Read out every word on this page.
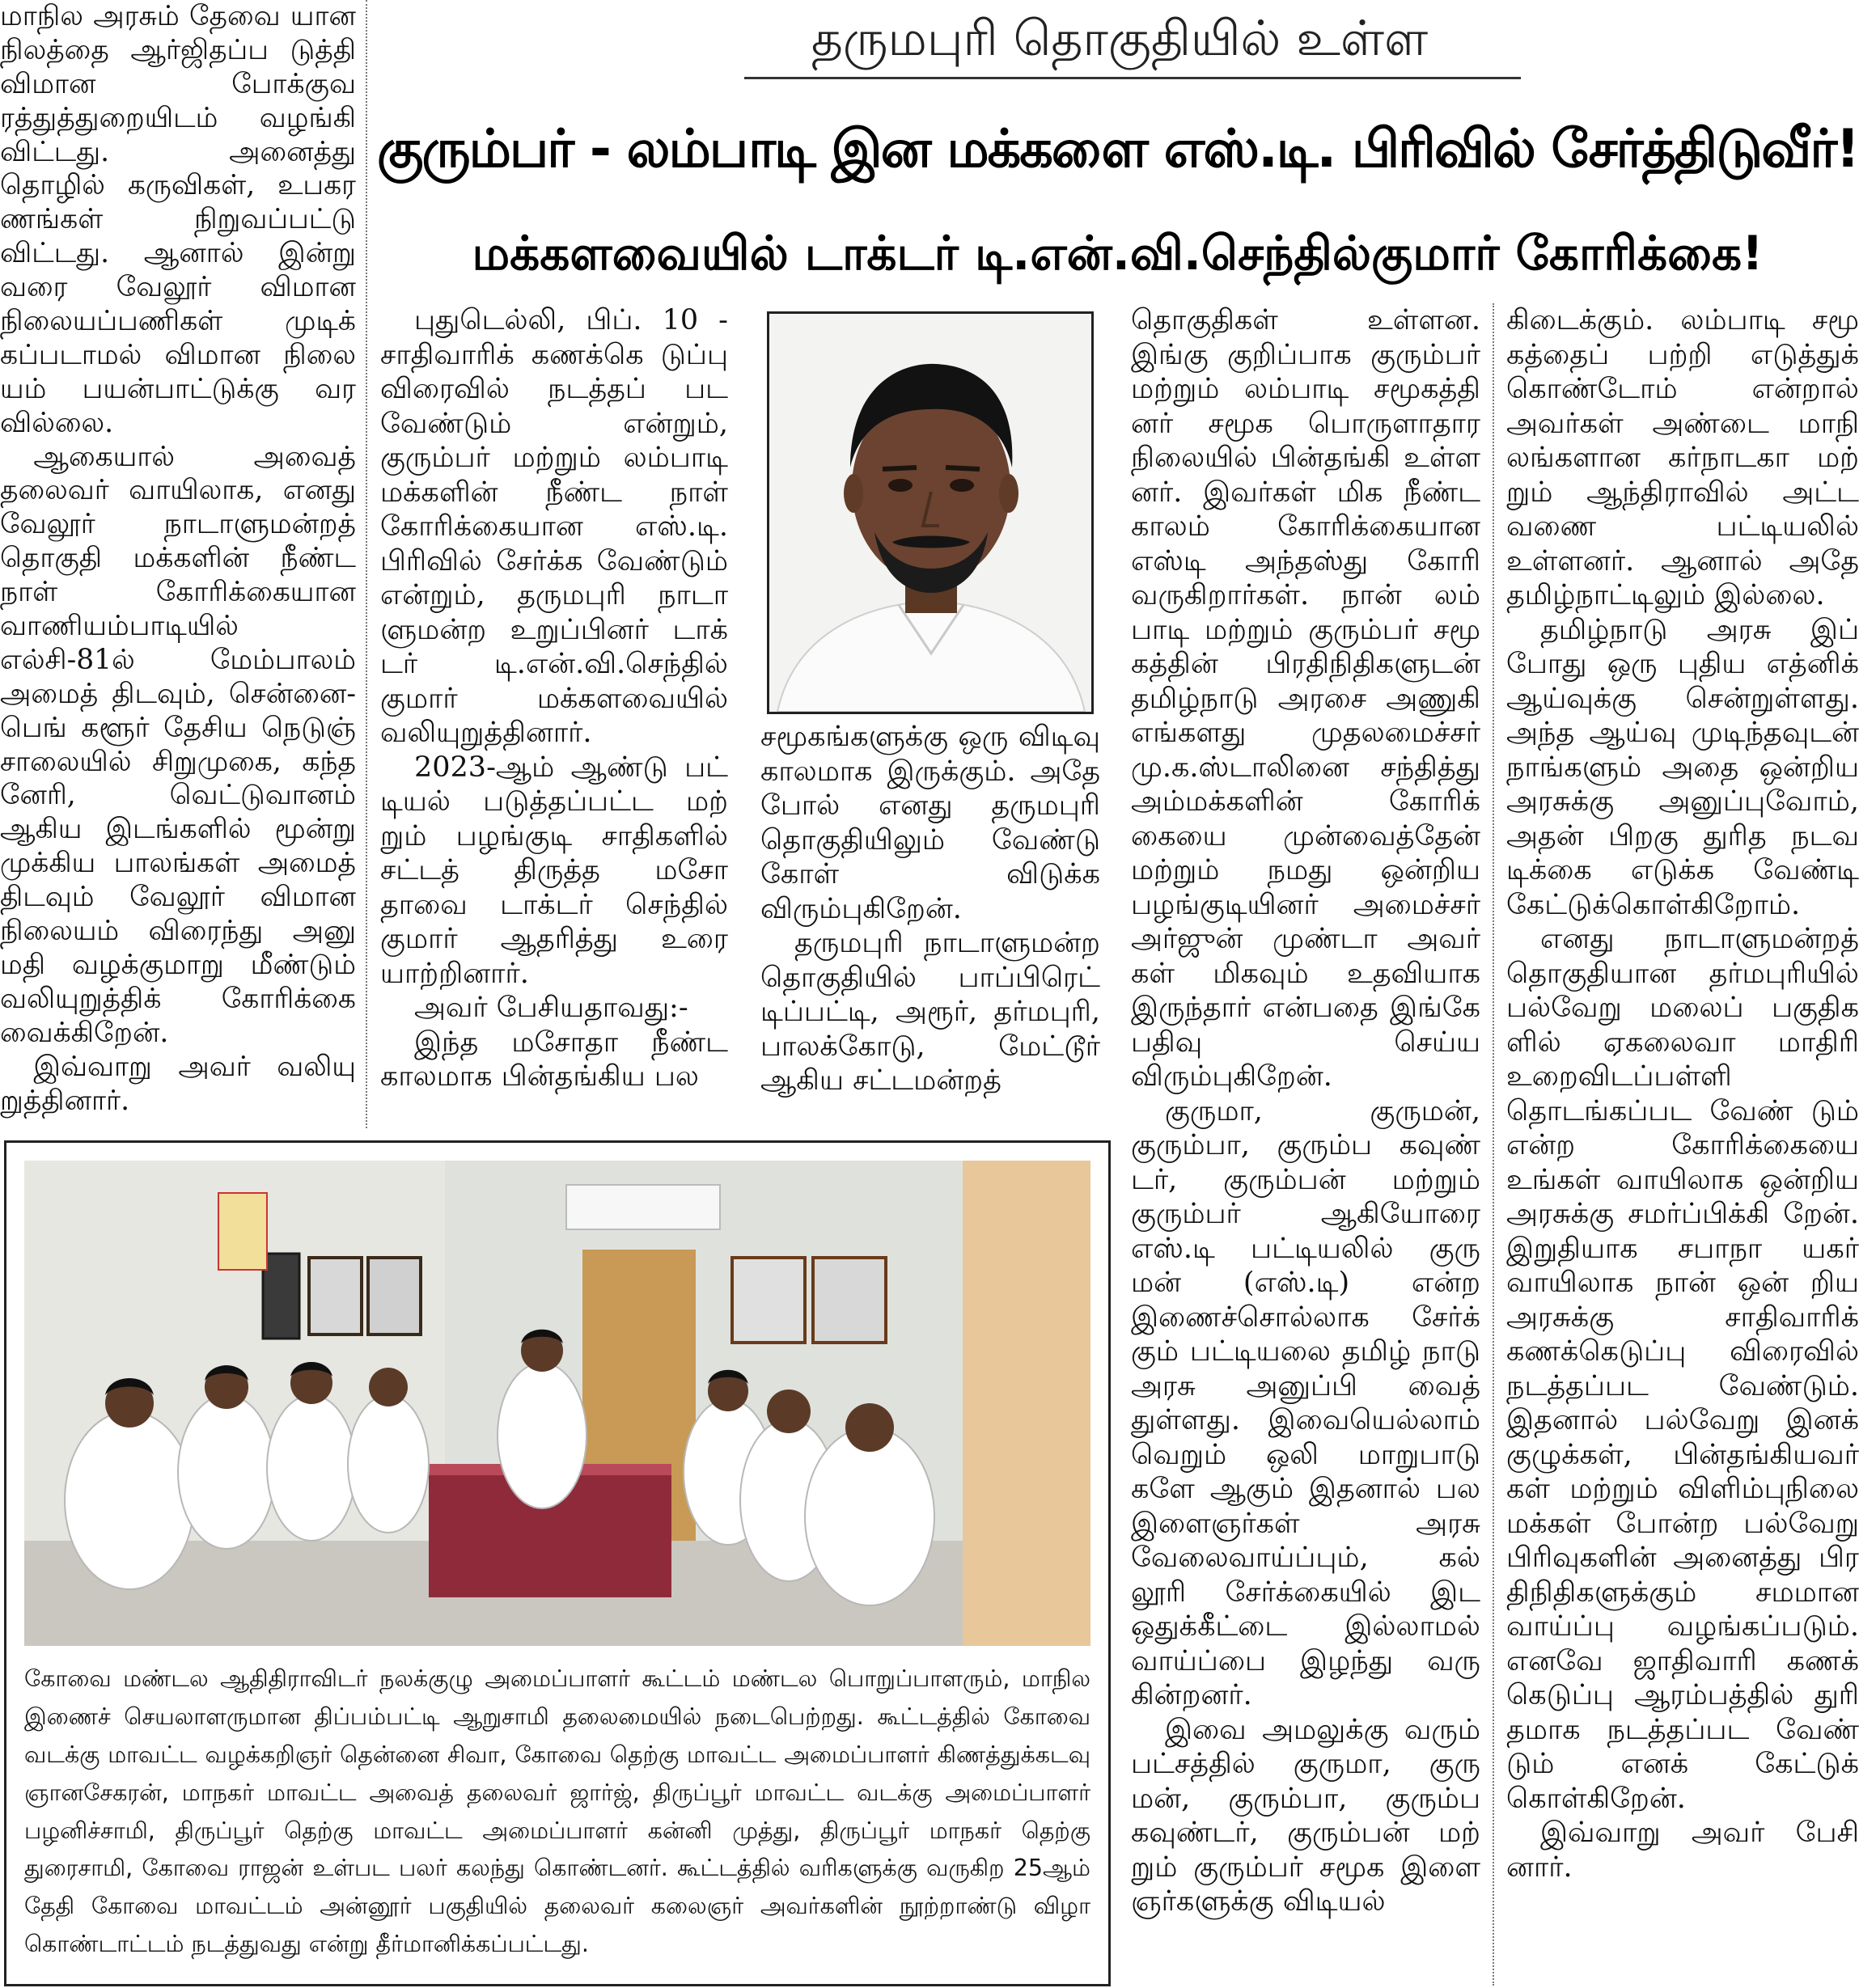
மாநில அரசும் தேவை யான நிலத்தை ஆர்ஜிதப்ப டுத்தி விமான போக்குவ ரத்துத்துறையிடம் வழங்கி விட்டது. அனைத்து தொழில் கருவிகள், உபகர ணங்கள் நிறுவப்பட்டு விட்டது. ஆனால் இன்று வரை வேலூர் விமான நிலையப்பணிகள் முடிக் கப்படாமல் விமான நிலை யம் பயன்பாட்டுக்கு வர வில்லை.

ஆகையால் அவைத் தலைவர் வாயிலாக, எனது வேலூர் நாடாளுமன்றத் தொகுதி மக்களின் நீண்ட நாள் கோரிக்கையான வாணியம்பாடியில் எல்சி-81ல் மேம்பாலம் அமைத் திடவும், சென்னை-பெங் களூர் தேசிய நெடுஞ் சாலையில் சிறுமுகை, கந்த னேரி, வெட்டுவானம் ஆகிய இடங்களில் மூன்று முக்கிய பாலங்கள் அமைத் திடவும் வேலூர் விமான நிலையம் விரைந்து அனு மதி வழக்குமாறு மீண்டும் வலியுறுத்திக் கோரிக்கை வைக்கிறேன்.

இவ்வாறு அவர் வலியு றுத்தினார்.

தருமபுரி தொகுதியில் உள்ள
குரும்பர் - லம்பாடி இன மக்களை எஸ்.டி. பிரிவில் சேர்த்திடுவீர்!
மக்களவையில் டாக்டர் டி.என்.வி.செந்தில்குமார் கோரிக்கை!

புதுடெல்லி, பிப். 10 - சாதிவாரிக் கணக்கெ டுப்பு விரைவில் நடத்தப் பட வேண்டும் என்றும், குரும்பர் மற்றும் லம்பாடி மக்களின் நீண்ட நாள் கோரிக்கையான எஸ்.டி. பிரிவில் சேர்க்க வேண்டும் என்றும், தருமபுரி நாடா ளுமன்ற உறுப்பினர் டாக் டர் டி.என்.வி.செந்தில் குமார் மக்களவையில் வலியுறுத்தினார்.

2023-ஆம் ஆண்டு பட் டியல் படுத்தப்பட்ட மற் றும் பழங்குடி சாதிகளில் சட்டத் திருத்த மசோ தாவை டாக்டர் செந்தில் குமார் ஆதரித்து உரை யாற்றினார்.

அவர் பேசியதாவது:-

இந்த மசோதா நீண்ட காலமாக பின்தங்கிய பல

சமூகங்களுக்கு ஒரு விடிவு காலமாக இருக்கும். அதே போல் எனது தருமபுரி தொகுதியிலும் வேண்டு கோள் விடுக்க விரும்புகிறேன்.

தருமபுரி நாடாளுமன்ற தொகுதியில் பாப்பிரெட் டிப்பட்டி, அரூர், தர்மபுரி, பாலக்கோடு, மேட்டூர் ஆகிய சட்டமன்றத்

தொகுதிகள் உள்ளன. இங்கு குறிப்பாக குரும்பர் மற்றும் லம்பாடி சமூகத்தி னர் சமூக பொருளாதார நிலையில் பின்தங்கி உள்ள னர். இவர்கள் மிக நீண்ட காலம் கோரிக்கையான எஸ்டி அந்தஸ்து கோரி வருகிறார்கள். நான் லம் பாடி மற்றும் குரும்பர் சமூ கத்தின் பிரதிநிதிகளுடன் தமிழ்நாடு அரசை அணுகி எங்களது முதலமைச்சர் மு.க.ஸ்டாலினை சந்தித்து அம்மக்களின் கோரிக் கையை முன்வைத்தேன் மற்றும் நமது ஒன்றிய பழங்குடியினர் அமைச்சர் அர்ஜுன் முண்டா அவர் கள் மிகவும் உதவியாக இருந்தார் என்பதை இங்கே பதிவு செய்ய விரும்புகிறேன்.

குருமா, குருமன், குரும்பா, குரும்ப கவுண் டர், குரும்பன் மற்றும் குரும்பர் ஆகியோரை எஸ்.டி பட்டியலில் குரு மன் (எஸ்.டி) என்ற இணைச்சொல்லாக சேர்க் கும் பட்டியலை தமிழ் நாடு அரசு அனுப்பி வைத் துள்ளது. இவையெல்லாம் வெறும் ஒலி மாறுபாடு களே ஆகும் இதனால் பல இளைஞர்கள் அரசு வேலைவாய்ப்பும், கல் லூரி சேர்க்கையில் இட ஒதுக்கீட்டை இல்லாமல் வாய்ப்பை இழந்து வரு கின்றனர்.

இவை அமலுக்கு வரும் பட்சத்தில் குருமா, குரு மன், குரும்பா, குரும்ப கவுண்டர், குரும்பன் மற் றும் குரும்பர் சமூக இளை ஞர்களுக்கு விடியல்

கிடைக்கும். லம்பாடி சமூ கத்தைப் பற்றி எடுத்துக் கொண்டோம் என்றால் அவர்கள் அண்டை மாநி லங்களான கர்நாடகா மற் றும் ஆந்திராவில் அட்ட வணை பட்டியலில் உள்ளனர். ஆனால் அதே தமிழ்நாட்டிலும் இல்லை.

தமிழ்நாடு அரசு இப் போது ஒரு புதிய எத்னிக் ஆய்வுக்கு சென்றுள்ளது. அந்த ஆய்வு முடிந்தவுடன் நாங்களும் அதை ஒன்றிய அரசுக்கு அனுப்புவோம், அதன் பிறகு துரித நடவ டிக்கை எடுக்க வேண்டி கேட்டுக்கொள்கிறோம்.

எனது நாடாளுமன்றத் தொகுதியான தர்மபுரியில் பல்வேறு மலைப் பகுதிக ளில் ஏகலைவா மாதிரி உறைவிடப்பள்ளி தொடங்கப்பட வேண் டும் என்ற கோரிக்கையை உங்கள் வாயிலாக ஒன்றிய அரசுக்கு சமர்ப்பிக்கி றேன். இறுதியாக சபாநா யகர் வாயிலாக நான் ஒன் றிய அரசுக்கு சாதிவாரிக் கணக்கெடுப்பு விரைவில் நடத்தப்பட வேண்டும். இதனால் பல்வேறு இனக் குழுக்கள், பின்தங்கியவர் கள் மற்றும் விளிம்புநிலை மக்கள் போன்ற பல்வேறு பிரிவுகளின் அனைத்து பிர திநிதிகளுக்கும் சமமான வாய்ப்பு வழங்கப்படும். எனவே ஜாதிவாரி கணக் கெடுப்பு ஆரம்பத்தில் துரி தமாக நடத்தப்பட வேண் டும் எனக் கேட்டுக் கொள்கிறேன்.

இவ்வாறு அவர் பேசி னார்.

கோவை மண்டல ஆதிதிராவிடர் நலக்குழு அமைப்பாளர் கூட்டம் மண்டல பொறுப்பாளரும், மாநில இணைச் செயலாளருமான திப்பம்பட்டி ஆறுசாமி தலைமையில் நடைபெற்றது. கூட்டத்தில் கோவை வடக்கு மாவட்ட வழக்கறிஞர் தென்னை சிவா, கோவை தெற்கு மாவட்ட அமைப்பாளர் கிணத்துக்கடவு ஞானசேகரன், மாநகர் மாவட்ட அவைத் தலைவர் ஜார்ஜ், திருப்பூர் மாவட்ட வடக்கு அமைப்பாளர் பழனிச்சாமி, திருப்பூர் தெற்கு மாவட்ட அமைப்பாளர் கன்னி முத்து, திருப்பூர் மாநகர் தெற்கு துரைசாமி, கோவை ராஜன் உள்பட பலர் கலந்து கொண்டனர். கூட்டத்தில் வரிகளுக்கு வருகிற 25ஆம் தேதி கோவை மாவட்டம் அன்னூர் பகுதியில் தலைவர் கலைஞர் அவர்களின் நூற்றாண்டு விழா கொண்டாட்டம் நடத்துவது என்று தீர்மானிக்கப்பட்டது.
